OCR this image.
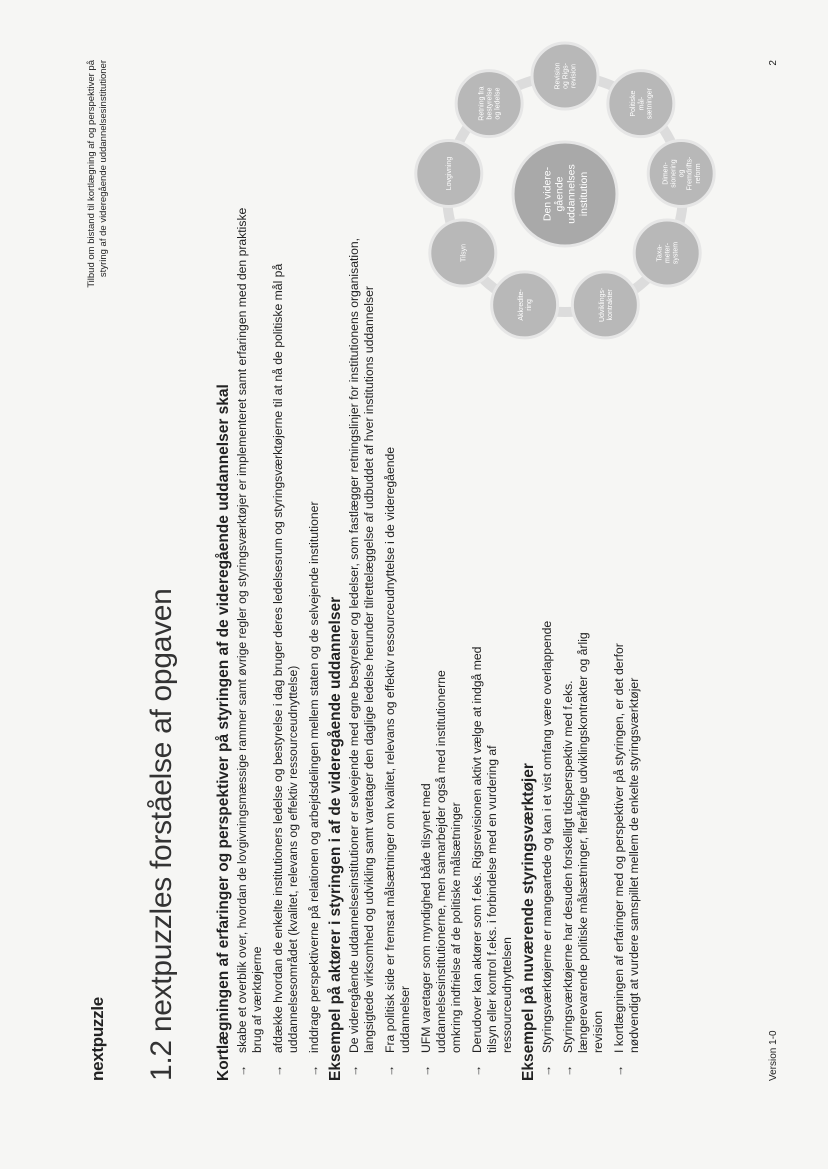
nextpuzzle
Tilbud om bistand til kortlægning af og perspektiver på styring af de videregående uddannelsesinstitutioner
1.2 nextpuzzles forståelse af opgaven Kortlægningen af erfaringer og perspektiver på styringen af de videregående uddannelser skal →
skabe et overblik over, hvordan de lovgivningsmæssige rammer samt øvrige regler og styringsværktøjer er implementeret samt erfaringen med den praktiske brug af værktøjerne
→
afdække hvordan de enkelte institutioners ledelse og bestyrelse i dag bruger deres ledelsesrum og styringsværktøjerne til at nå de politiske mål på uddannelsesområdet (kvalitet, relevans og effektiv ressourceudnyttelse)
→
inddrage perspektiverne på relationen og arbejdsdelingen mellem staten og de selvejende institutioner Eksempel på aktører i styringen i af de videregående uddannelser →
De videregående uddannelsesinstitutioner er selvejende med egne bestyrelser og ledelser, som fastlægger retningslinjer for institutionens organisation, langsigtede virksomhed og udvikling samt varetager den daglige ledelse herunder tilrettelæggelse af udbuddet af hver institutions uddannelser
→
Fra politisk side er fremsat målsætninger om kvalitet, relevans og effektiv ressourceudnyttelse i de videregående uddannelser
→
UFM varetager som myndighed både tilsynet med uddannelsesinstitutionerne, men samarbejder også med institutionerne omkring indfrielse af de politiske målsætninger
→
Derudover kan aktører som f.eks. Rigsrevisionen aktivt vælge at indgå med tilsyn eller kontrol f.eks. i forbindelse med en vurdering af ressourceudnyttelsen Eksempel på nuværende styringsværktøjer →
Styringsværktøjerne er mangeartede og kan i et vist omfang være overlappende
→
Styringsværktøjerne har desuden forskelligt tidsperspektiv med f.eks. længerevarende politiske målsætninger, flerårlige udviklingskontrakter og årlig revision
→
I kortlægningen af erfaringer med og perspektiver på styringen, er det derfor nødvendigt at vurdere samspillet mellem de enkelte styringsværktøjer
Akkredite- ring
Tilsyn
Lovgivning
Retning fra bestyrelse og ledelse
Revision og Rigs- revision
Politiske mål- sætninger
Dimen- sionering og Fremdrifts- reform
Taxa- meter- system
Udviklings- kontrakter
Den videre- gående uddannelses institution
Version 1-0
2
